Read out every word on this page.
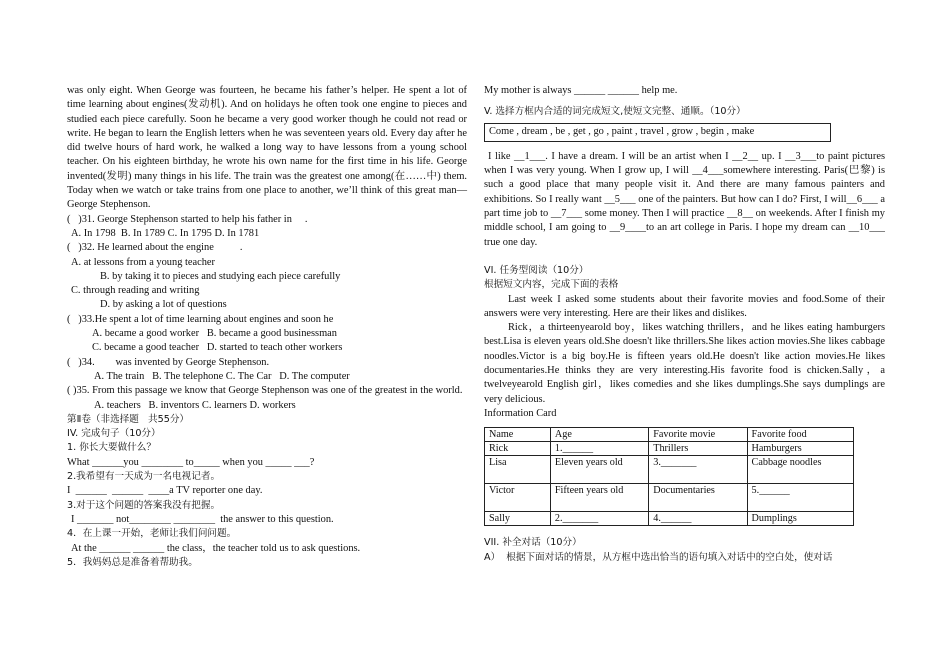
was only eight. When George was fourteen, he became his father’s helper. He spent a lot of time learning about engines(发动机). And on holidays he often took one engine to pieces and studied each piece carefully. Soon he became a very good worker though he could not read or write. He began to learn the English letters when he was seventeen years old. Every day after he did twelve hours of hard work, he walked a long way to have lessons from a young school teacher. On his eighteen birthday, he wrote his own name for the first time in his life. George invented(发明) many things in his life. The train was the greatest one among(在……中) them. Today when we watch or take trains from one place to another, we’ll think of this great man—George Stephenson.

(   )31. George Stephenson started to help his father in     .

A. In 1798  B. In 1789 C. In 1795 D. In 1781

(   )32. He learned about the engine          .

A. at lessons from a young teacher

B. by taking it to pieces and studying each piece carefully

C. through reading and writing

D. by asking a lot of questions

(   )33.He spent a lot of time learning about engines and soon he

A. became a good worker   B. became a good businessman

C. became a good teacher   D. started to teach other workers

(   )34.        was invented by George Stephenson.

A. The train   B. The telephone C. The Car   D. The computer

( )35. From this passage we know that George Stephenson was one of the greatest in the world.

A. teachers   B. inventors C. learners D. workers

第Ⅱ卷（非选择题   共55分）

IV. 完成句子（10分）

1. 你长大要做什么？

What ______you ________ to_____ when you _____ ___?

2.我希望有一天成为一名电视记者。

I  ______  ______  ____a TV reporter one day.

3.对于这个问题的答案我没有把握。

I _______ not________ ________  the answer to this question.

4．在上课一开始，老师让我们问问题。

At the ______ ______ the class，the teacher told us to ask questions.

5．我妈妈总是准备着帮助我。

My mother is always ______ ______ help me.

V. 选择方框内合适的词完成短文,使短文完整、通顺。（10分）

Come , dream , be , get , go , paint , travel , grow , begin , make

I like __1___. I have a dream. I will be an artist when I __2__ up. I __3___to paint pictures when I was very young. When I grow up, I will __4___somewhere interesting. Paris(巴黎) is such a good place that many people visit it. And there are many famous painters and exhibitions. So I really want __5___ one of the painters. But how can I do? First, I will__6___ a part time job to __7___ some money. Then I will practice __8__ on weekends. After I finish my middle school, I am going to __9____to an art college in Paris. I hope my dream can __10___ true one day.

VI. 任务型阅读（10分）

根据短文内容，完成下面的表格

Last week I asked some students about their favorite movies and food.Some of their answers were very interesting. Here are their likes and dislikes.

Rick，a thirteenyearold boy，likes watching thrillers，and he likes eating hamburgers best.Lisa is eleven years old.She doesn't like thrillers.She likes action movies.She likes cabbage noodles.Victor is a big boy.He is fifteen years old.He doesn't like action movies.He likes documentaries.He thinks they are very interesting.His favorite food is chicken.Sally，a twelveyearold English girl，likes comedies and she likes dumplings.She says dumplings are very delicious.

Information Card

Name	Age	Favorite movie	Favorite food
Rick	1.______	Thrillers	Hamburgers
Lisa	Eleven years old	3._______	Cabbage noodles
Victor	Fifteen years old	Documentaries	5.______
Sally	2._______	4.______	Dumplings

VII. 补全对话（10分）

A）  根据下面对话的情景，从方框中选出恰当的语句填入对话中的空白处，使对话
